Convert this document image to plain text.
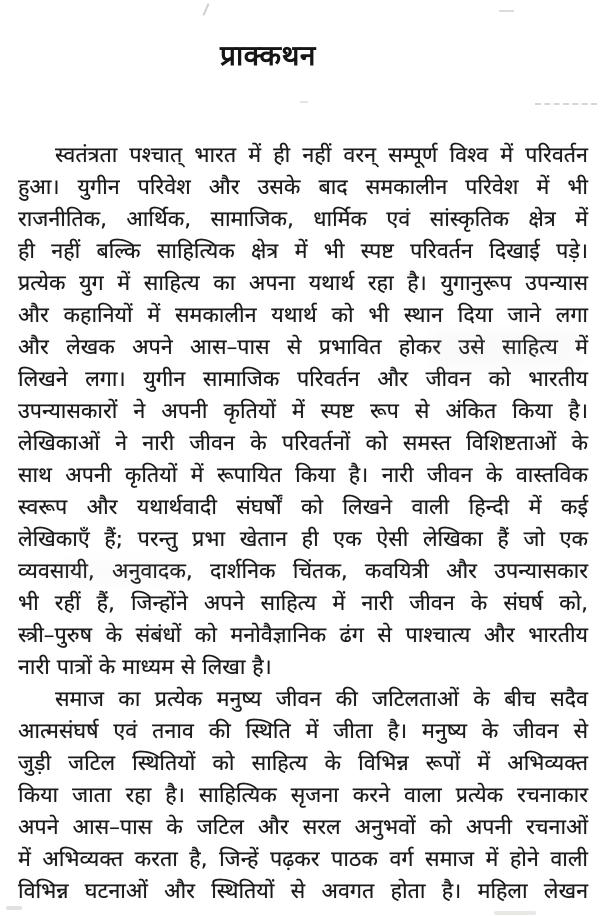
प्राक्कथन
स्वतंत्रता पश्चात् भारत में ही नहीं वरन् सम्पूर्ण विश्व में परिवर्तन
हुआ। युगीन परिवेश और उसके बाद समकालीन परिवेश में भी
राजनीतिक, आर्थिक, सामाजिक, धार्मिक एवं सांस्कृतिक क्षेत्र में
ही नहीं बल्कि साहित्यिक क्षेत्र में भी स्पष्ट परिवर्तन दिखाई पड़े।
प्रत्येक युग में साहित्य का अपना यथार्थ रहा है। युगानुरूप उपन्यास
और कहानियों में समकालीन यथार्थ को भी स्थान दिया जाने लगा
और लेखक अपने आस–पास से प्रभावित होकर उसे साहित्य में
लिखने लगा। युगीन सामाजिक परिवर्तन और जीवन को भारतीय
उपन्यासकारों ने अपनी कृतियों में स्पष्ट रूप से अंकित किया है।
लेखिकाओं ने नारी जीवन के परिवर्तनों को समस्त विशिष्टताओं के
साथ अपनी कृतियों में रूपायित किया है। नारी जीवन के वास्तविक
स्वरूप और यथार्थवादी संघर्षों को लिखने वाली हिन्दी में कई
लेखिकाएँ हैं; परन्तु प्रभा खेतान ही एक ऐसी लेखिका हैं जो एक
व्यवसायी, अनुवादक, दार्शनिक चिंतक, कवयित्री और उपन्यासकार
भी रहीं हैं, जिन्होंने अपने साहित्य में नारी जीवन के संघर्ष को,
स्त्री–पुरुष के संबंधों को मनोवैज्ञानिक ढंग से पाश्चात्य और भारतीय
नारी पात्रों के माध्यम से लिखा है।
समाज का प्रत्येक मनुष्य जीवन की जटिलताओं के बीच सदैव
आत्मसंघर्ष एवं तनाव की स्थिति में जीता है। मनुष्य के जीवन से
जुड़ी जटिल स्थितियों को साहित्य के विभिन्न रूपों में अभिव्यक्त
किया जाता रहा है। साहित्यिक सृजना करने वाला प्रत्येक रचनाकार
अपने आस–पास के जटिल और सरल अनुभवों को अपनी रचनाओं
में अभिव्यक्त करता है, जिन्हें पढ़कर पाठक वर्ग समाज में होने वाली
विभिन्न घटनाओं और स्थितियों से अवगत होता है। महिला लेखन
